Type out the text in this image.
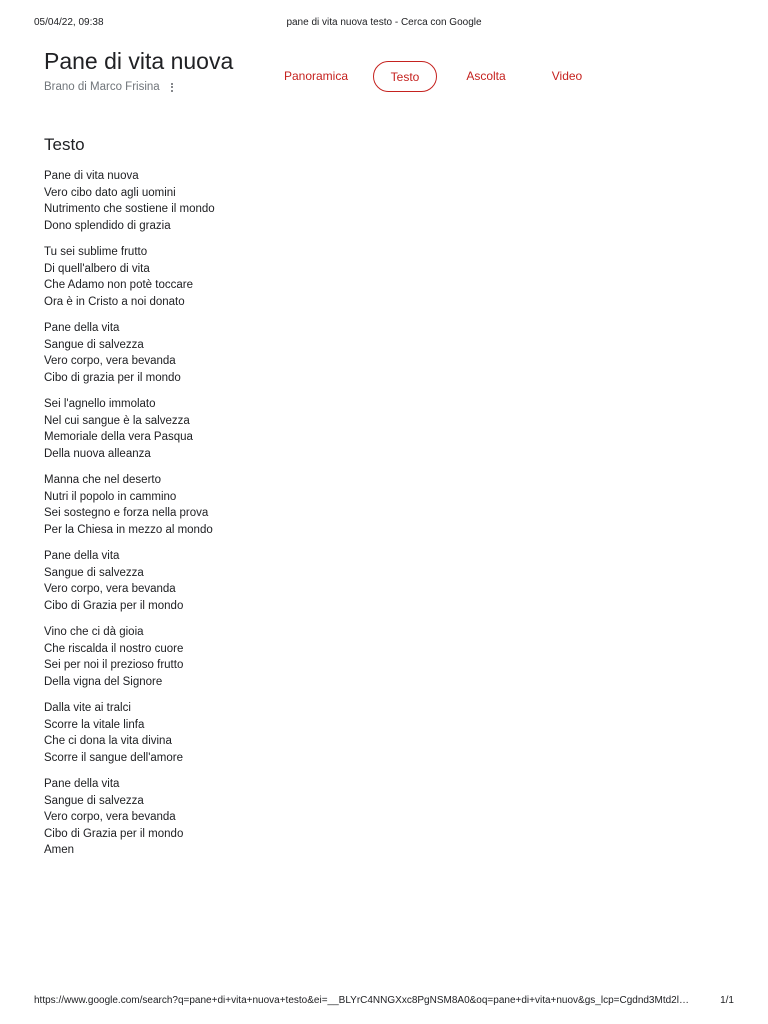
05/04/22, 09:38	pane di vita nuova testo - Cerca con Google
Pane di vita nuova
Brano di Marco Frisina
Panoramica	Testo	Ascolta	Video
Testo
Pane di vita nuova
Vero cibo dato agli uomini
Nutrimento che sostiene il mondo
Dono splendido di grazia
Tu sei sublime frutto
Di quell'albero di vita
Che Adamo non potè toccare
Ora è in Cristo a noi donato
Pane della vita
Sangue di salvezza
Vero corpo, vera bevanda
Cibo di grazia per il mondo
Sei l'agnello immolato
Nel cui sangue è la salvezza
Memoriale della vera Pasqua
Della nuova alleanza
Manna che nel deserto
Nutri il popolo in cammino
Sei sostegno e forza nella prova
Per la Chiesa in mezzo al mondo
Pane della vita
Sangue di salvezza
Vero corpo, vera bevanda
Cibo di Grazia per il mondo
Vino che ci dà gioia
Che riscalda il nostro cuore
Sei per noi il prezioso frutto
Della vigna del Signore
Dalla vite ai tralci
Scorre la vitale linfa
Che ci dona la vita divina
Scorre il sangue dell'amore
Pane della vita
Sangue di salvezza
Vero corpo, vera bevanda
Cibo di Grazia per il mondo
Amen
https://www.google.com/search?q=pane+di+vita+nuova+testo&ei=__BLYrC4NNGXxc8PgNSM8A0&oq=pane+di+vita+nuov&gs_lcp=Cgdnd3Mtd2l…	1/1
